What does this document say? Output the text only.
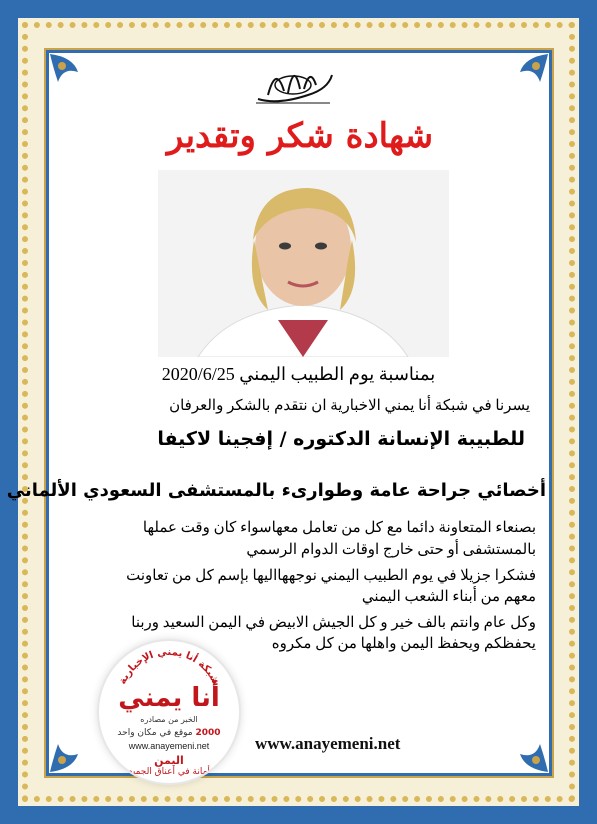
شهادة شكر وتقدير
بمناسبة يوم الطبيب اليمني 2020/6/25
يسرنا في شبكة أنا يمني الاخبارية ان نتقدم بالشكر والعرفان
للطبيبة الإنسانة الدكتوره / إفجينا لاكيفا
أخصائي جراحة عامة وطوارىء بالمستشفى السعودي الألماني
بصنعاء المتعاونة دائما مع كل من تعامل معهاسواء كان وقت عملها
بالمستشفى أو حتى خارج اوقات الدوام الرسمي
فشكرا جزيلا في يوم الطبيب اليمني نوجههااليها بإسم كل من تعاونت
معهم من أبناء الشعب اليمني
وكل عام وانتم بالف خير و كل الجيش الابيض في اليمن السعيد وربنا
يحفظكم ويحفظ اليمن واهلها من كل مكروه
شبكة أنا يمني الإخبارية
أنا يمني
الخبر من مصادره
2000 موقع في مكان واحد
www.anayemeni.net
اليمن
أمانة في أعناق الجميع
www.anayemeni.net
